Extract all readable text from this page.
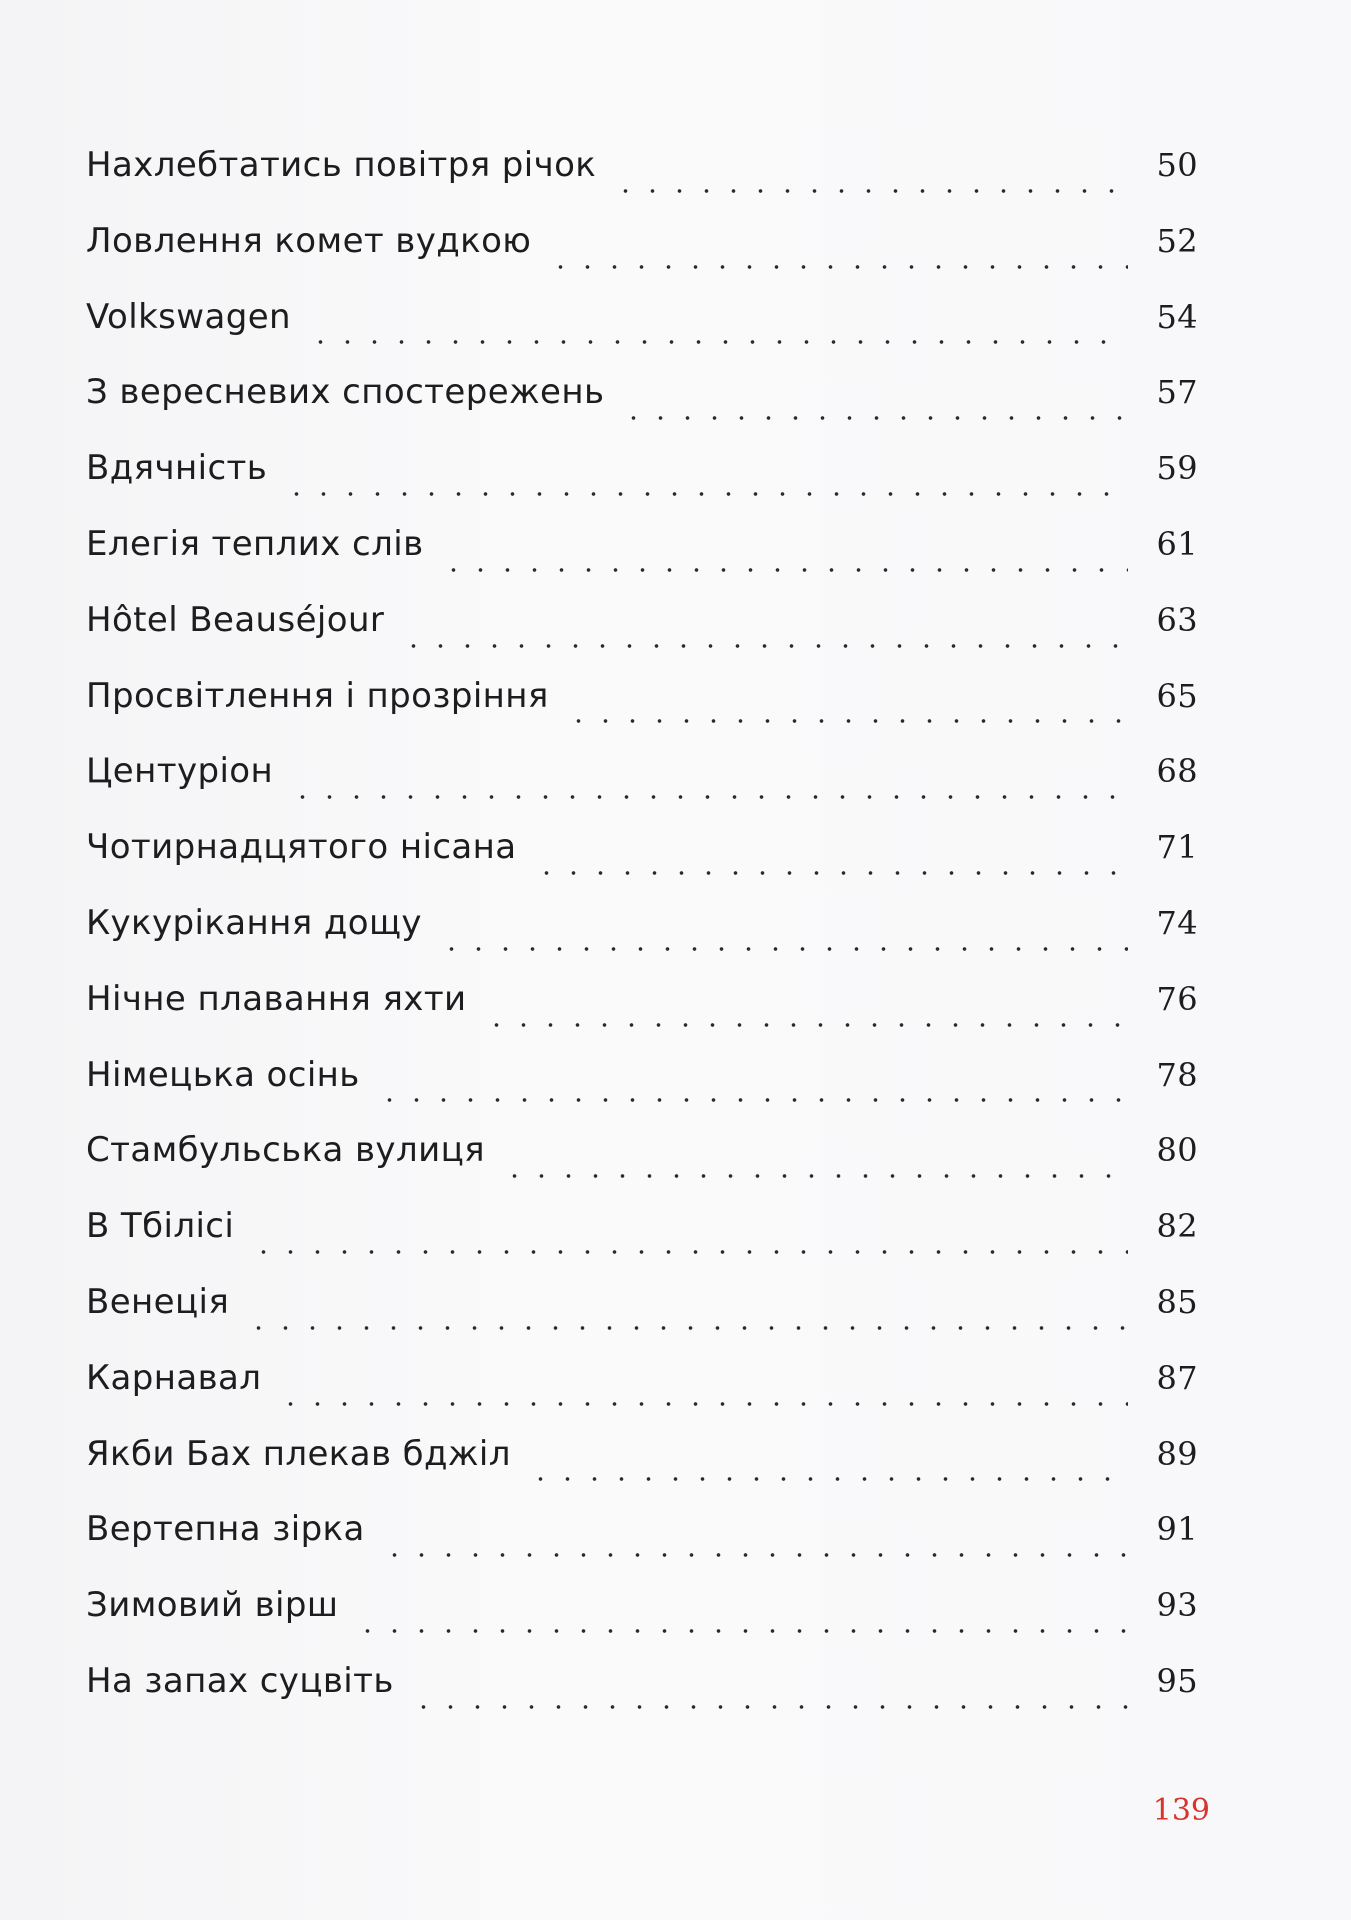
Нахлебтатись повітря річок	50
Ловлення комет вудкою	52
Volkswagen	54
З вересневих спостережень	57
Вдячність	59
Елегія теплих слів	61
Hôtel Beauséjour	63
Просвітлення і прозріння	65
Центуріон	68
Чотирнадцятого нісана	71
Кукурікання дощу	74
Нічне плавання яхти	76
Німецька осінь	78
Стамбульська вулиця	80
В Тбілісі	82
Венеція	85
Карнавал	87
Якби Бах плекав бджіл	89
Вертепна зірка	91
Зимовий вірш	93
На запах суцвіть	95
139
